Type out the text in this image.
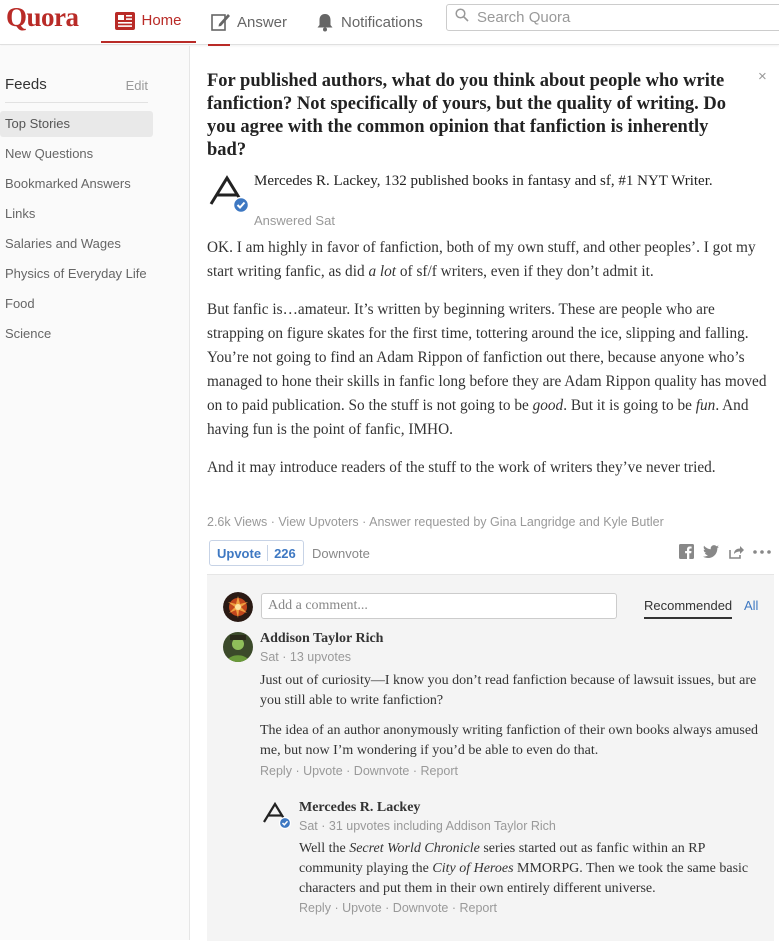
Quora	Home	Answer	Notifications
Search Quora
Feeds	Edit
Top Stories
New Questions
Bookmarked Answers
Links
Salaries and Wages
Physics of Everyday Life
Food
Science
×
For published authors, what do you think about people who write fanfiction? Not specifically of yours, but the quality of writing. Do you agree with the common opinion that fanfiction is inherently bad?
Mercedes R. Lackey, 132 published books in fantasy and sf, #1 NYT Writer.
Answered Sat

OK. I am highly in favor of fanfiction, both of my own stuff, and other peoples’. I got my start writing fanfic, as did a lot of sf/f writers, even if they don’t admit it.

But fanfic is…amateur. It’s written by beginning writers. These are people who are strapping on figure skates for the first time, tottering around the ice, slipping and falling. You’re not going to find an Adam Rippon of fanfiction out there, because anyone who’s managed to hone their skills in fanfic long before they are Adam Rippon quality has moved on to paid publication. So the stuff is not going to be good. But it is going to be fun. And having fun is the point of fanfic, IMHO.

And it may introduce readers of the stuff to the work of writers they’ve never tried.

2.6k Views · View Upvoters · Answer requested by Gina Langridge and Kyle Butler
Upvote 226 Downvote
Add a comment...
Recommended All
Addison Taylor Rich
Sat · 13 upvotes

Just out of curiosity—I know you don’t read fanfiction because of lawsuit issues, but are you still able to write fanfiction?

The idea of an author anonymously writing fanfiction of their own books always amused me, but now I’m wondering if you’d be able to even do that.

Reply · Upvote · Downvote · Report
Mercedes R. Lackey
Sat · 31 upvotes including Addison Taylor Rich
Well the Secret World Chronicle series started out as fanfic within an RP community playing the City of Heroes MMORPG. Then we took the same basic characters and put them in their own entirely different universe.
Reply · Upvote · Downvote · Report
